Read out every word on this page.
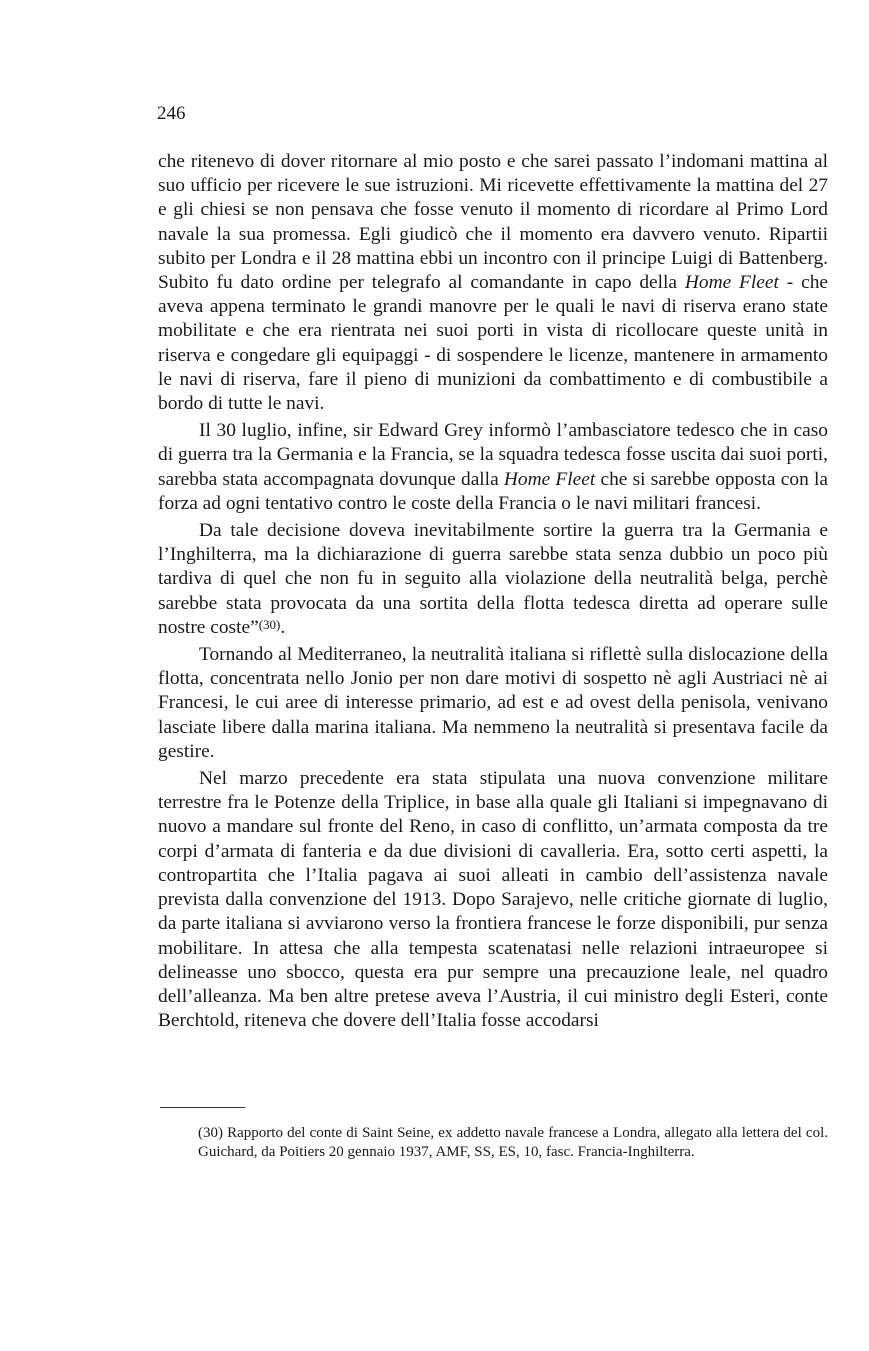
246

che ritenevo di dover ritornare al mio posto e che sarei passato l’indomani mattina al suo ufficio per ricevere le sue istruzioni. Mi ricevette effettivamente la mattina del 27 e gli chiesi se non pensava che fosse venuto il momento di ricordare al Primo Lord navale la sua promessa. Egli giudicò che il momento era davvero venuto. Ripartii subito per Londra e il 28 mattina ebbi un incontro con il principe Luigi di Battenberg. Subito fu dato ordine per telegrafo al comandante in capo della Home Fleet - che aveva appena terminato le grandi manovre per le quali le navi di riserva erano state mobilitate e che era rientrata nei suoi porti in vista di ricollocare queste unità in riserva e congedare gli equipaggi - di sospendere le licenze, mantenere in armamento le navi di riserva, fare il pieno di munizioni da combattimento e di combustibile a bordo di tutte le navi.

Il 30 luglio, infine, sir Edward Grey informò l’ambasciatore tedesco che in caso di guerra tra la Germania e la Francia, se la squadra tedesca fosse uscita dai suoi porti, sarebba stata accompagnata dovunque dalla Home Fleet che si sarebbe opposta con la forza ad ogni tentativo contro le coste della Francia o le navi militari francesi.

Da tale decisione doveva inevitabilmente sortire la guerra tra la Germania e l’Inghilterra, ma la dichiarazione di guerra sarebbe stata senza dubbio un poco più tardiva di quel che non fu in seguito alla violazione della neutralità belga, perchè sarebbe stata provocata da una sortita della flotta tedesca diretta ad operare sulle nostre coste”$^{(30)}$.

Tornando al Mediterraneo, la neutralità italiana si riflettè sulla dislocazione della flotta, concentrata nello Jonio per non dare motivi di sospetto nè agli Austriaci nè ai Francesi, le cui aree di interesse primario, ad est e ad ovest della penisola, venivano lasciate libere dalla marina italiana. Ma nemmeno la neutralità si presentava facile da gestire.

Nel marzo precedente era stata stipulata una nuova convenzione militare terrestre fra le Potenze della Triplice, in base alla quale gli Italiani si impegnavano di nuovo a mandare sul fronte del Reno, in caso di conflitto, un’armata composta da tre corpi d’armata di fanteria e da due divisioni di cavalleria. Era, sotto certi aspetti, la contropartita che l’Italia pagava ai suoi alleati in cambio dell’assistenza navale prevista dalla convenzione del 1913. Dopo Sarajevo, nelle critiche giornate di luglio, da parte italiana si avviarono verso la frontiera francese le forze disponibili, pur senza mobilitare. In attesa che alla tempesta scatenatasi nelle relazioni intraeuropee si delineasse uno sbocco, questa era pur sempre una precauzione leale, nel quadro dell’alleanza. Ma ben altre pretese aveva l’Austria, il cui ministro degli Esteri, conte Berchtold, riteneva che dovere dell’Italia fosse accodarsi

(30) Rapporto del conte di Saint Seine, ex addetto navale francese a Londra, allegato alla lettera del col. Guichard, da Poitiers 20 gennaio 1937, AMF, SS, ES, 10, fasc. Francia-Inghilterra.
